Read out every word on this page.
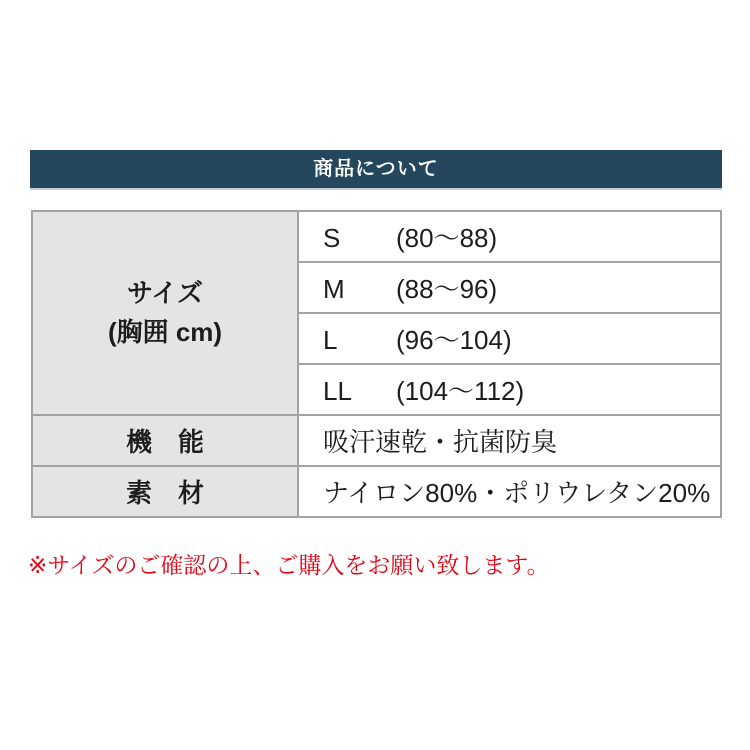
商品について
サイズ
(胸囲 cm)	S (80〜88)
	M (88〜96)
	L (96〜104)
	LL (104〜112)
機　能	吸汗速乾・抗菌防臭
素　材	ナイロン80%・ポリウレタン20%
※サイズのご確認の上、ご購入をお願い致します。
